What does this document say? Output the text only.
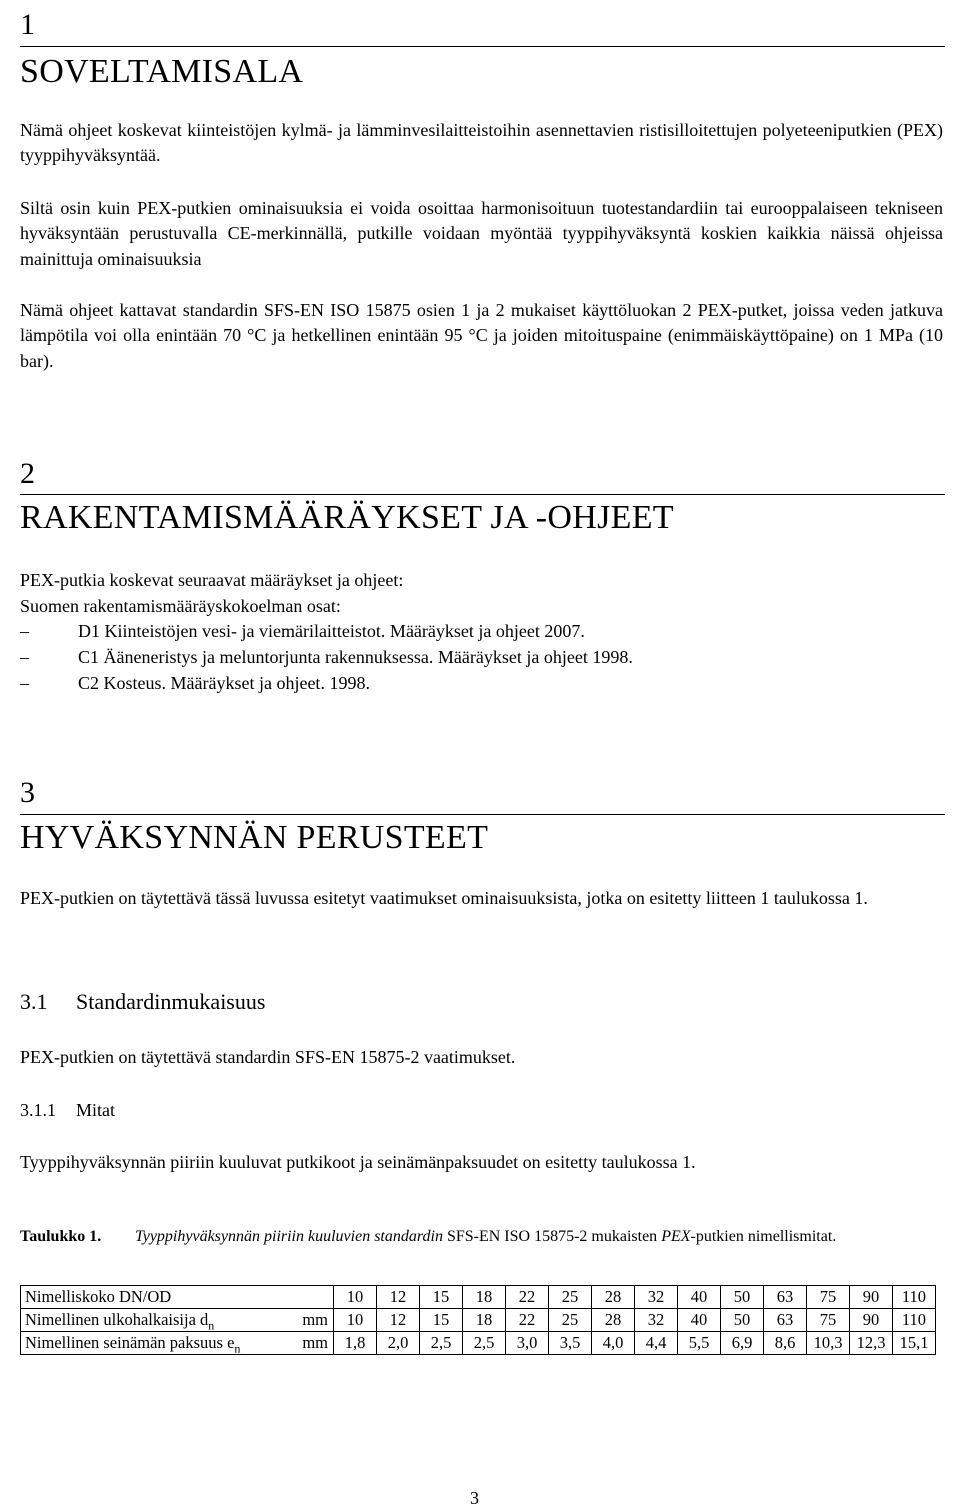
1
SOVELTAMISALA
Nämä ohjeet koskevat kiinteistöjen kylmä- ja lämminvesilaitteistoihin asennettavien ristisilloitettujen polyeteeniputkien (PEX) tyyppihyväksyntää.
Siltä osin kuin PEX-putkien ominaisuuksia ei voida osoittaa harmonisoituun tuotestandardiin tai eurooppalaiseen tekniseen hyväksyntään perustuvalla CE-merkinnällä, putkille voidaan myöntää tyyppihyväksyntä koskien kaikkia näissä ohjeissa mainittuja ominaisuuksia
Nämä ohjeet kattavat standardin SFS-EN ISO 15875 osien 1 ja 2 mukaiset käyttöluokan 2 PEX-putket, joissa veden jatkuva lämpötila voi olla enintään 70 °C ja hetkellinen enintään 95 °C ja joiden mitoituspaine (enimmäiskäyttöpaine) on 1 MPa (10 bar).
2
RAKENTAMISMÄÄRÄYKSET JA -OHJEET
PEX-putkia koskevat seuraavat määräykset ja ohjeet:
Suomen rakentamismääräyskokoelman osat:
–	D1 Kiinteistöjen vesi- ja viemärilaitteistot. Määräykset ja ohjeet 2007.
–	C1 Ääneneristys ja meluntorjunta rakennuksessa. Määräykset ja ohjeet 1998.
–	C2 Kosteus. Määräykset ja ohjeet. 1998.
3
HYVÄKSYNNÄN PERUSTEET
PEX-putkien on täytettävä tässä luvussa esitetyt vaatimukset ominaisuuksista, jotka on esitetty liitteen 1 taulukossa 1.
3.1 Standardinmukaisuus
PEX-putkien on täytettävä standardin SFS-EN 15875-2 vaatimukset.
3.1.1 Mitat
Tyyppihyväksynnän piiriin kuuluvat putkikoot ja seinämänpaksuudet on esitetty taulukossa 1.
Taulukko 1. Tyyppihyväksynnän piiriin kuuluvien standardin SFS-EN ISO 15875-2 mukaisten PEX-putkien nimellismitat.
Nimelliskoko DN/OD	10	12	15	18	22	25	28	32	40	50	63	75	90	110
Nimellinen ulkohalkaisija $d_n$ mm	10	12	15	18	22	25	28	32	40	50	63	75	90	110
Nimellinen seinämän paksuus $e_n$ mm	1,8	2,0	2,5	2,5	3,0	3,5	4,0	4,4	5,5	6,9	8,6	10,3	12,3	15,1
3
